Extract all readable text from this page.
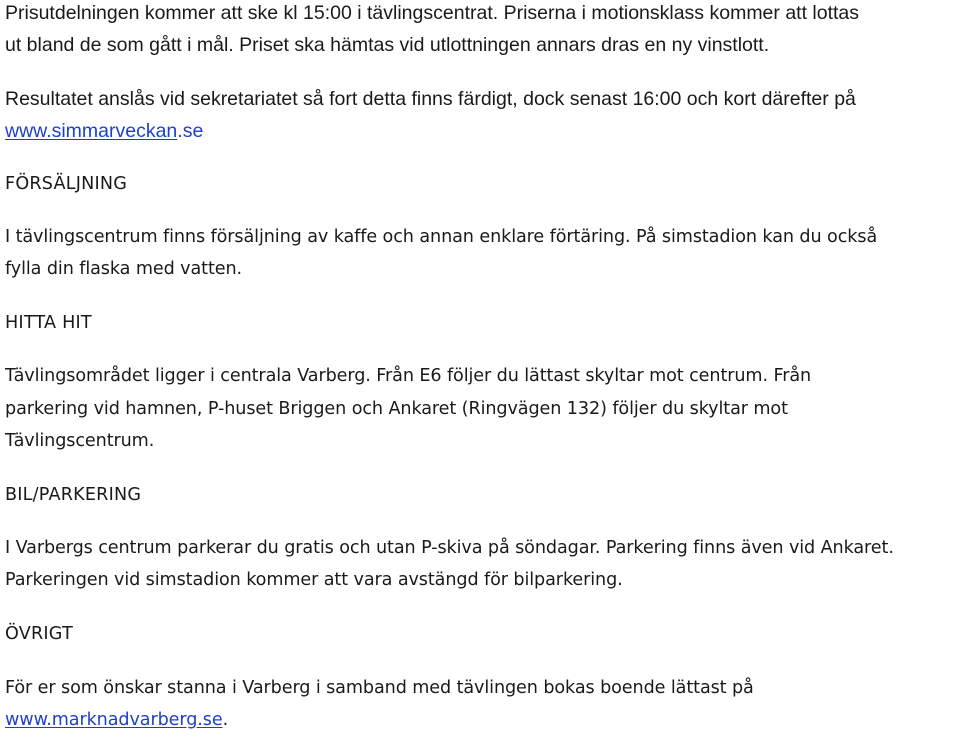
Prisutdelningen kommer att ske kl 15:00 i tävlingscentrat. Priserna i motionsklass kommer att lottas
ut bland de som gått i mål. Priset ska hämtas vid utlottningen annars dras en ny vinstlott.
Resultatet anslås vid sekretariatet så fort detta finns färdigt, dock senast 16:00 och kort därefter på
www.simmarveckan.se
FÖRSÄLJNING
I tävlingscentrum finns försäljning av kaffe och annan enklare förtäring. På simstadion kan du också
fylla din flaska med vatten.
HITTA HIT
Tävlingsområdet ligger i centrala Varberg. Från E6 följer du lättast skyltar mot centrum. Från
parkering vid hamnen, P-huset Briggen och Ankaret (Ringvägen 132) följer du skyltar mot
Tävlingscentrum.
BIL/PARKERING
I Varbergs centrum parkerar du gratis och utan P-skiva på söndagar. Parkering finns även vid Ankaret.
Parkeringen vid simstadion kommer att vara avstängd för bilparkering.
ÖVRIGT
För er som önskar stanna i Varberg i samband med tävlingen bokas boende lättast på
www.marknadvarberg.se.
